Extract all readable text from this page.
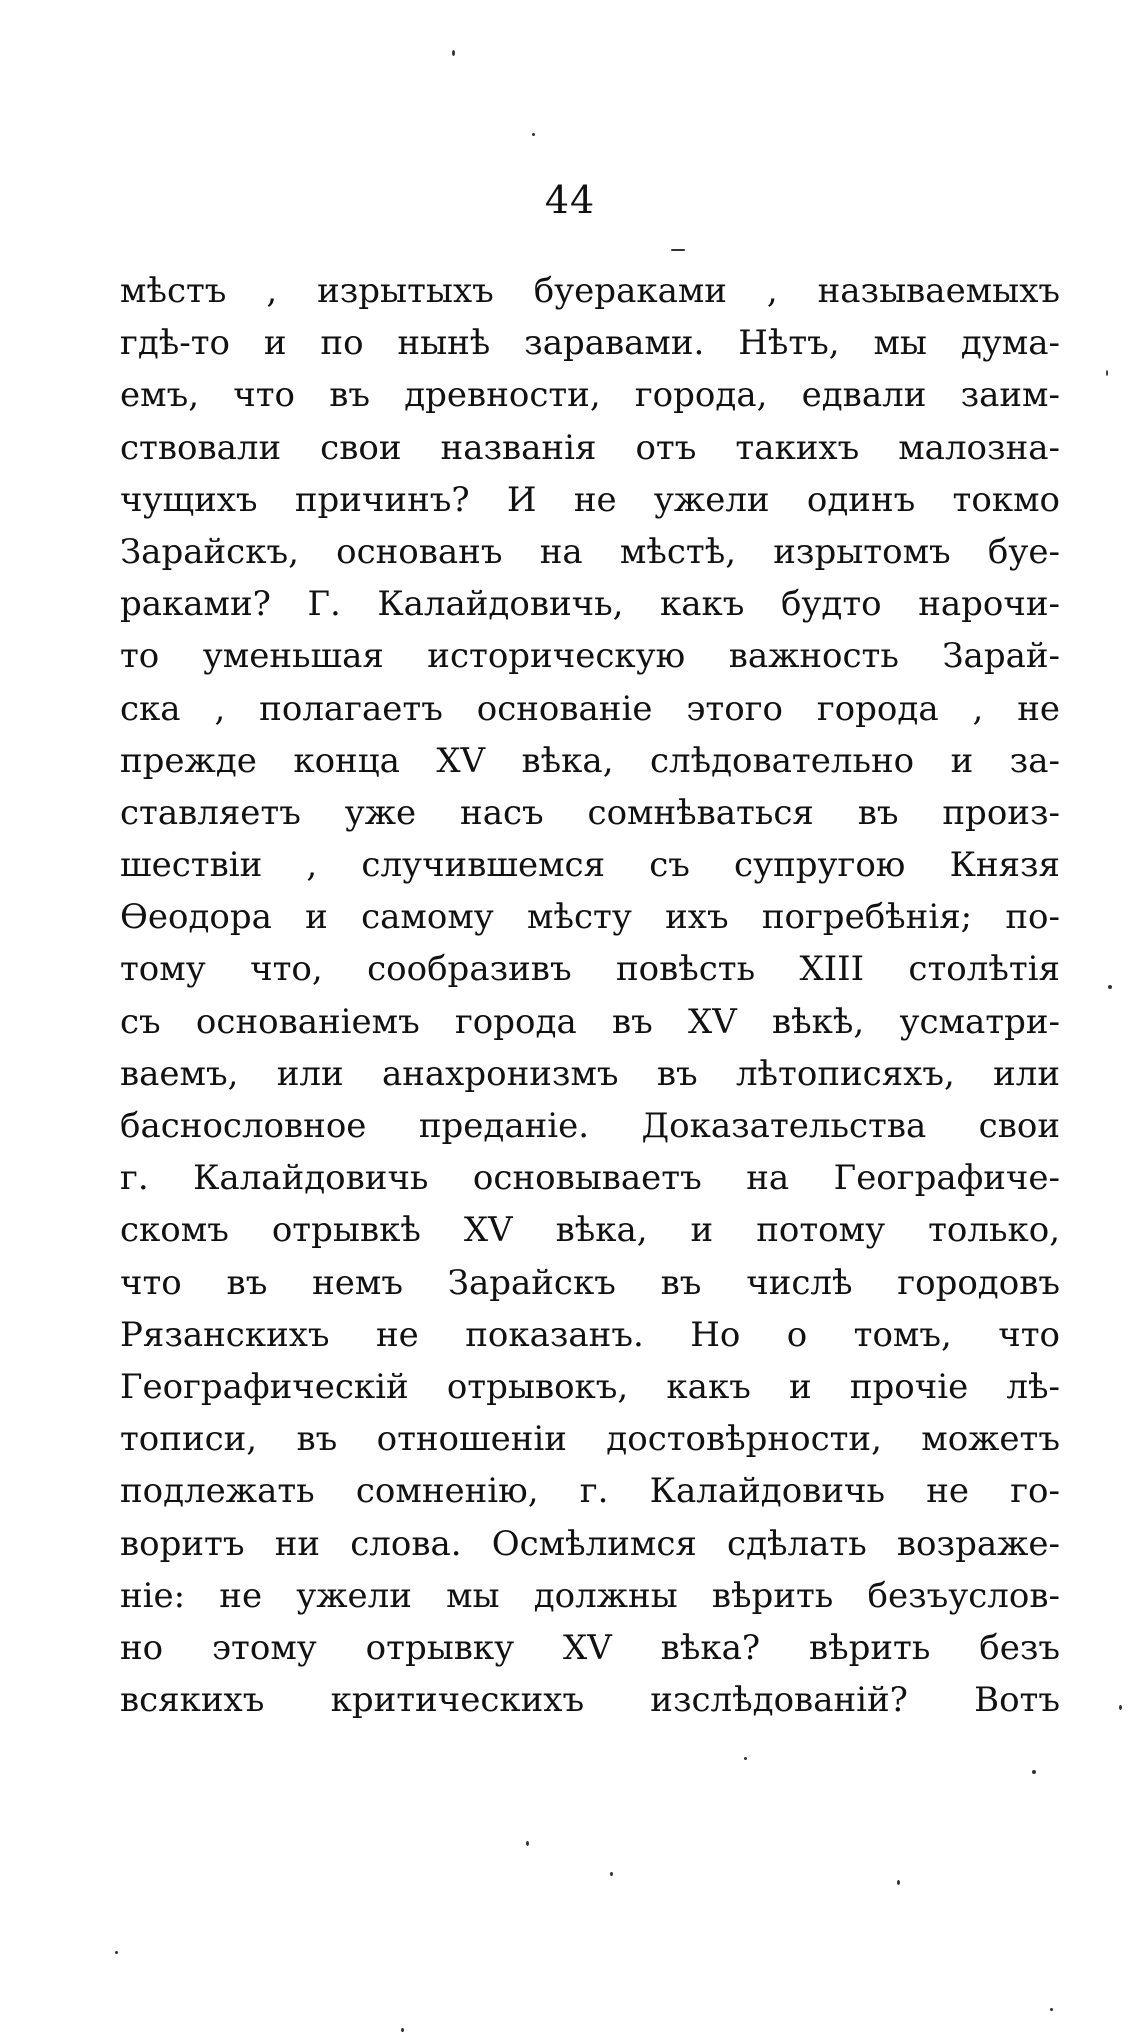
44
мѣстъ , изрытыхъ буераками , называемыхъ
гдѣ-то и по нынѣ заравами. Нѣтъ, мы дума-
емъ, что въ древности, города, едвали заим-
ствовали свои названія отъ такихъ малозна-
чущихъ причинъ? И не ужели одинъ токмо
Зарайскъ, основанъ на мѣстѣ, изрытомъ буе-
раками? Г. Калайдовичь, какъ будто нарочи-
то уменьшая историческую важность Зарай-
ска , полагаетъ основаніе этого города , не
прежде конца XV вѣка, слѣдовательно и за-
ставляетъ уже насъ сомнѣваться въ произ-
шествіи , случившемся съ супругою Князя
Ѳеодора и самому мѣсту ихъ погребѣнія; по-
тому что, сообразивъ повѣсть XIII столѣтія
съ основаніемъ города въ XV вѣкѣ, усматри-
ваемъ, или анахронизмъ въ лѣтописяхъ, или
баснословное преданіе. Доказательства свои
г. Калайдовичь основываетъ на Географиче-
скомъ отрывкѣ XV вѣка, и потому только,
что въ немъ Зарайскъ въ числѣ городовъ
Рязанскихъ не показанъ. Но о томъ, что
Географическій отрывокъ, какъ и прочіе лѣ-
тописи, въ отношеніи достовѣрности, можетъ
подлежать сомненію, г. Калайдовичь не го-
воритъ ни слова. Осмѣлимся сдѣлать возраже-
ніе: не ужели мы должны вѣрить безъуслов-
но этому отрывку XV вѣка? вѣрить безъ
всякихъ критическихъ изслѣдованій? Вотъ
